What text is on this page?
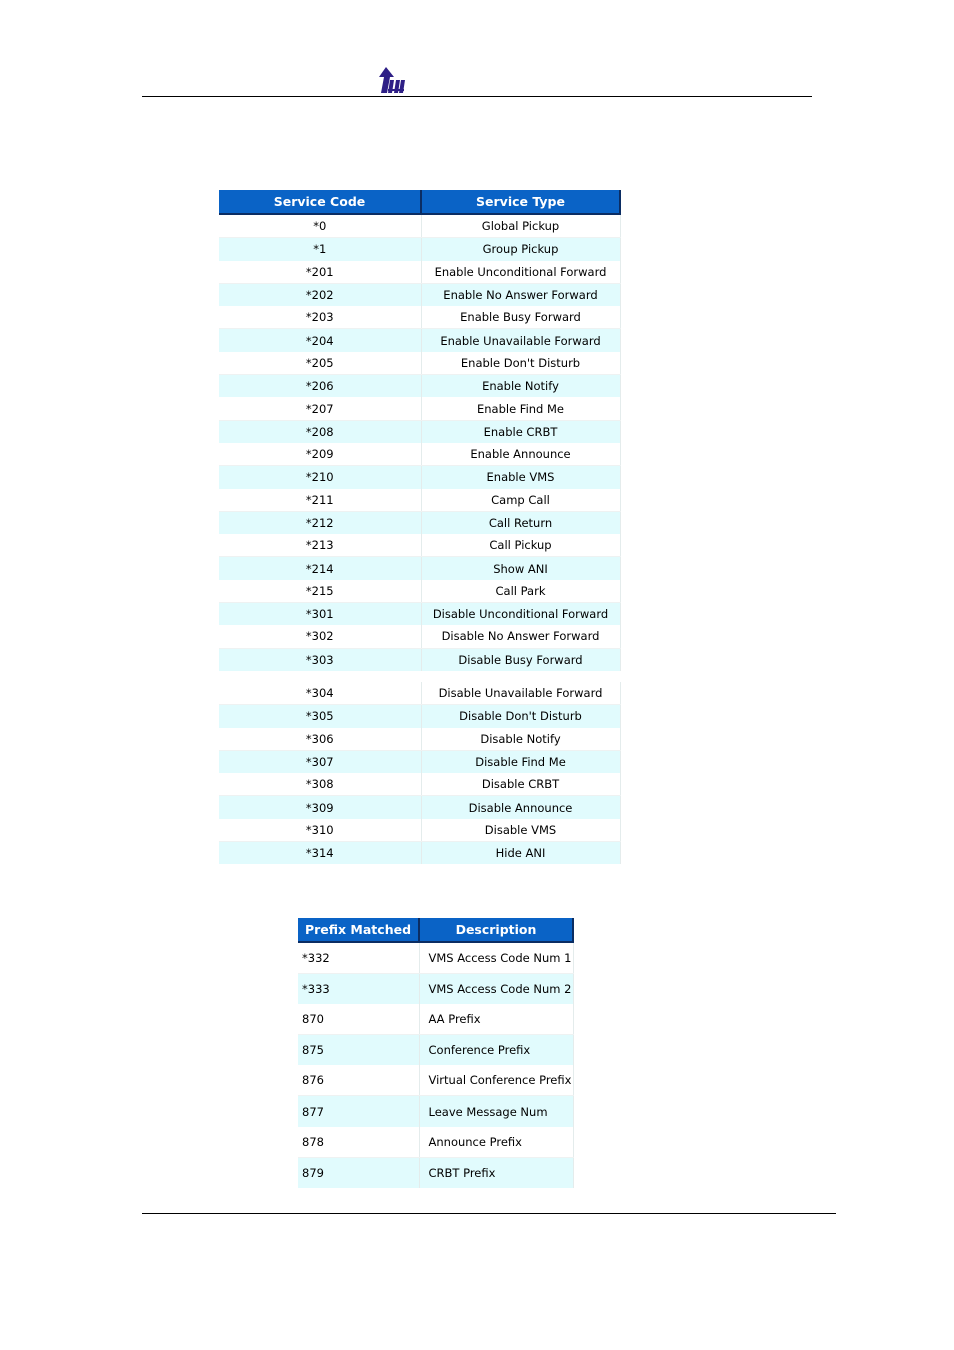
Service Code	Service Type
*0	Global Pickup
*1	Group Pickup
*201	Enable Unconditional Forward
*202	Enable No Answer Forward
*203	Enable Busy Forward
*204	Enable Unavailable Forward
*205	Enable Don't Disturb
*206	Enable Notify
*207	Enable Find Me
*208	Enable CRBT
*209	Enable Announce
*210	Enable VMS
*211	Camp Call
*212	Call Return
*213	Call Pickup
*214	Show ANI
*215	Call Park
*301	Disable Unconditional Forward
*302	Disable No Answer Forward
*303	Disable Busy Forward

*304	Disable Unavailable Forward
*305	Disable Don't Disturb
*306	Disable Notify
*307	Disable Find Me
*308	Disable CRBT
*309	Disable Announce
*310	Disable VMS
*314	Hide ANI
Prefix Matched	Description
*332	VMS Access Code Num 1
*333	VMS Access Code Num 2
870	AA Prefix
875	Conference Prefix
876	Virtual Conference Prefix
877	Leave Message Num
878	Announce Prefix
879	CRBT Prefix
